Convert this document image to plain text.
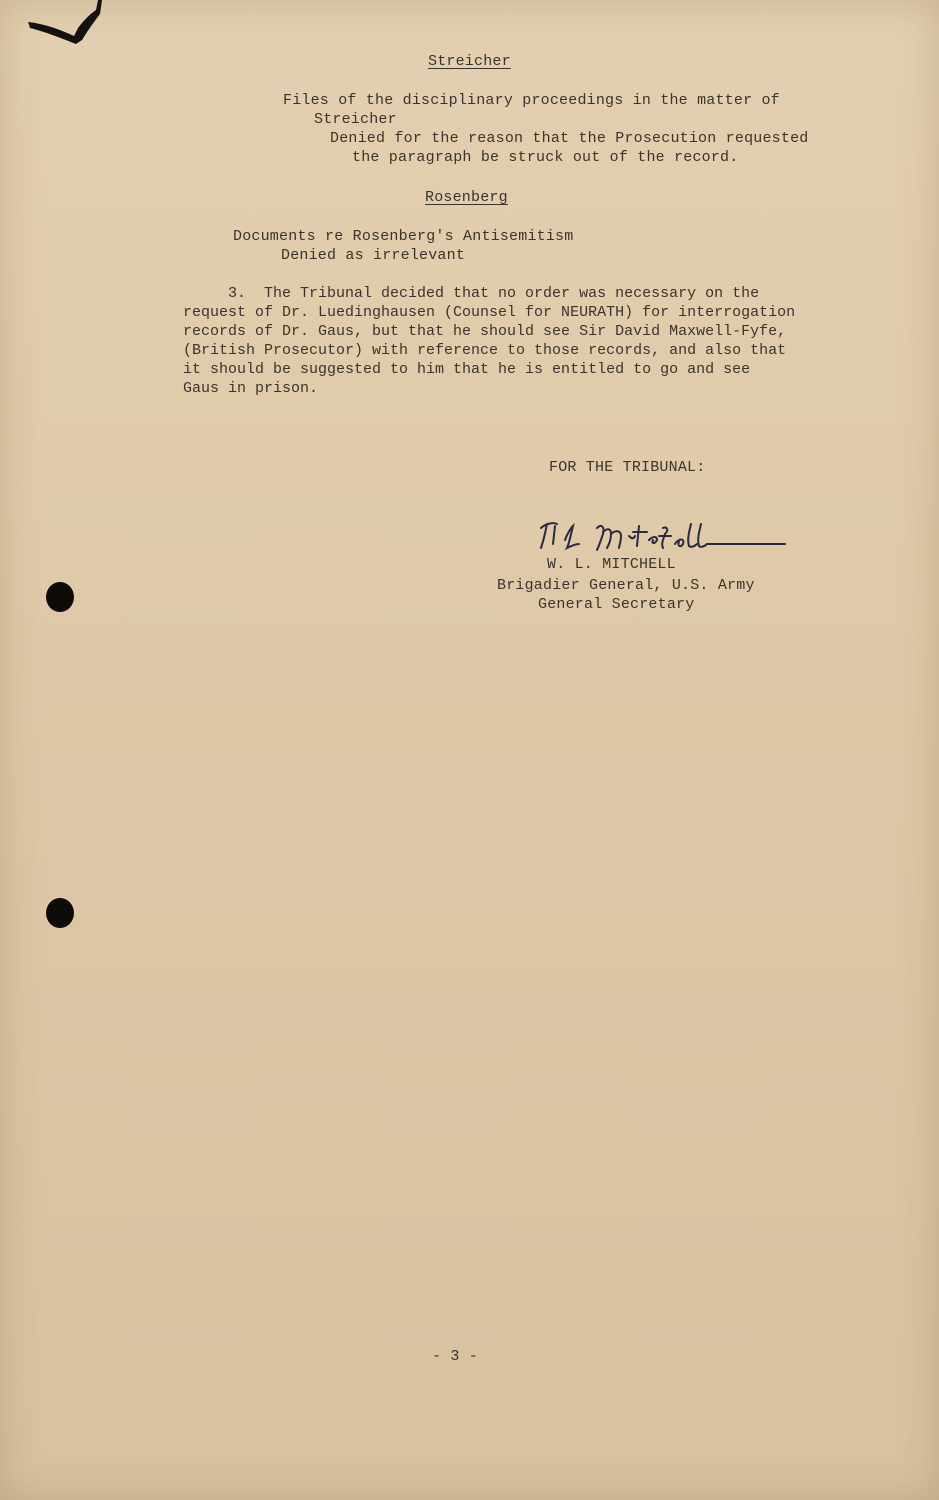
Streicher
Files of the disciplinary proceedings in the matter of
Streicher
Denied for the reason that the Prosecution requested
the paragraph be struck out of the record.
Rosenberg
Documents re Rosenberg's Antisemitism
Denied as irrelevant
3.  The Tribunal decided that no order was necessary on the
request of Dr. Luedinghausen (Counsel for NEURATH) for interrogation
records of Dr. Gaus, but that he should see Sir David Maxwell-Fyfe,
(British Prosecutor) with reference to those records, and also that
it should be suggested to him that he is entitled to go and see
Gaus in prison.
FOR THE TRIBUNAL:
W. L. MITCHELL
Brigadier General, U.S. Army
General Secretary
- 3 -
